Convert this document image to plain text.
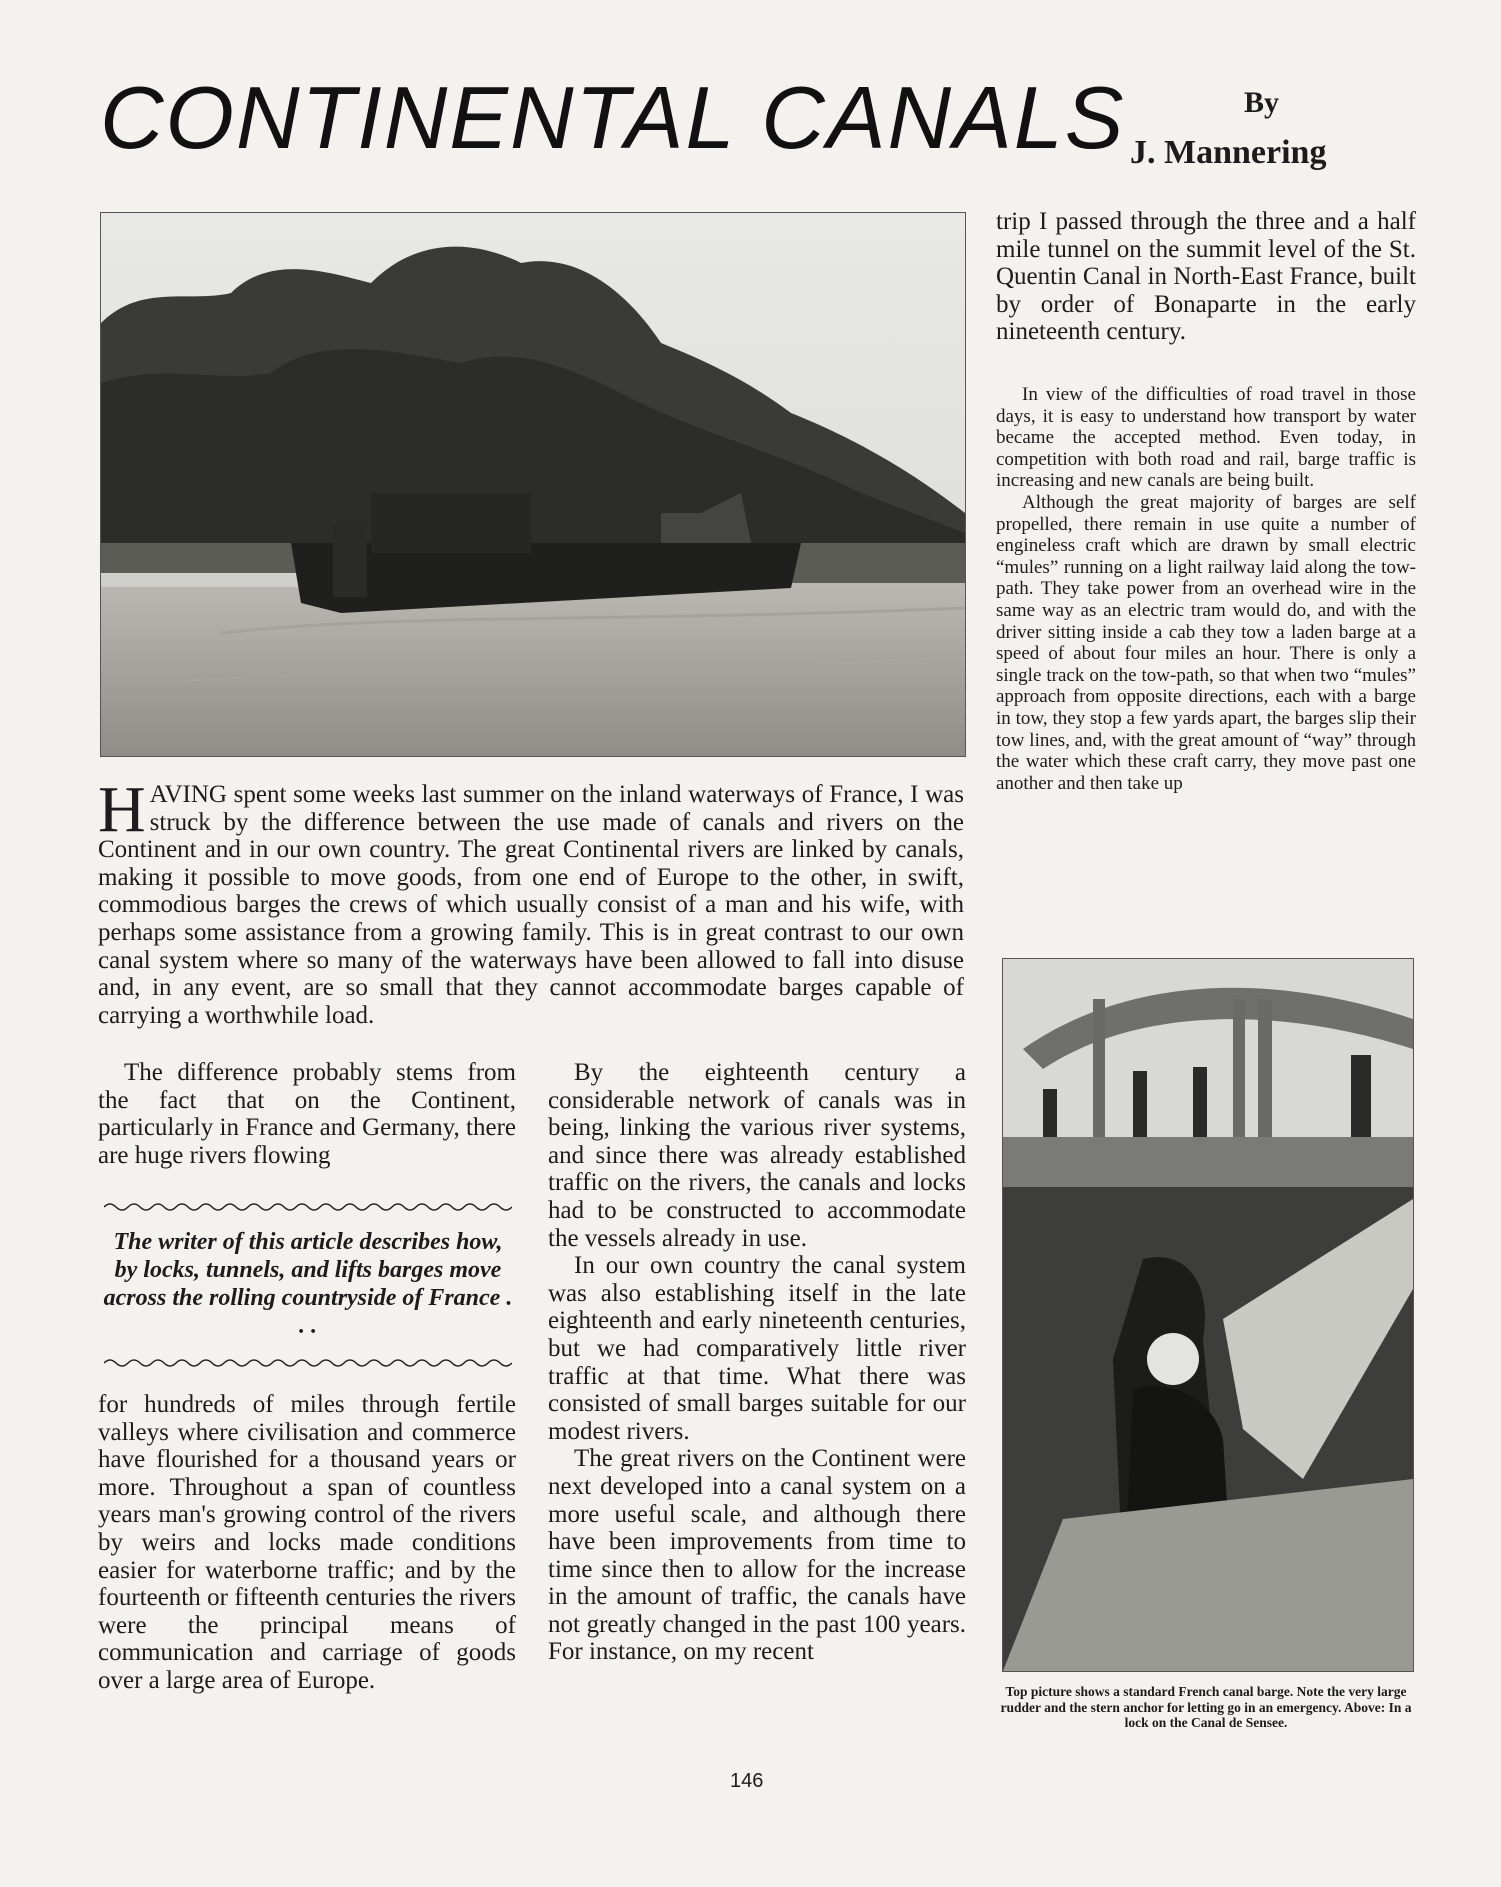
CONTINENTAL CANALS	By
J. Mannering
HAVING spent some weeks last summer on the inland waterways of France, I was struck by the difference between the use made of canals and rivers on the Continent and in our own country. The great Continental rivers are linked by canals, making it possible to move goods, from one end of Europe to the other, in swift, commodious barges the crews of which usually consist of a man and his wife, with perhaps some assistance from a growing family. This is in great contrast to our own canal system where so many of the waterways have been allowed to fall into disuse and, in any event, are so small that they cannot accommodate barges capable of carrying a worthwhile load.

The difference probably stems from the fact that on the Continent, particularly in France and Germany, there are huge rivers flowing

The writer of this article describes how, by locks, tunnels, and lifts barges move across the rolling countryside of France . . .

for hundreds of miles through fertile valleys where civilisation and commerce have flourished for a thousand years or more. Throughout a span of countless years man's growing control of the rivers by weirs and locks made conditions easier for waterborne traffic; and by the fourteenth or fifteenth centuries the rivers were the principal means of communication and carriage of goods over a large area of Europe.

By the eighteenth century a considerable network of canals was in being, linking the various river systems, and since there was already established traffic on the rivers, the canals and locks had to be constructed to accommodate the vessels already in use.

In our own country the canal system was also establishing itself in the late eighteenth and early nineteenth centuries, but we had comparatively little river traffic at that time. What there was consisted of small barges suitable for our modest rivers.

The great rivers on the Continent were next developed into a canal system on a more useful scale, and although there have been improvements from time to time since then to allow for the increase in the amount of traffic, the canals have not greatly changed in the past 100 years. For instance, on my recent

trip I passed through the three and a half mile tunnel on the summit level of the St. Quentin Canal in North-East France, built by order of Bonaparte in the early nineteenth century.

In view of the difficulties of road travel in those days, it is easy to understand how transport by water became the accepted method. Even today, in competition with both road and rail, barge traffic is increasing and new canals are being built.

Although the great majority of barges are self propelled, there remain in use quite a number of engineless craft which are drawn by small electric “mules” running on a light railway laid along the tow-path. They take power from an overhead wire in the same way as an electric tram would do, and with the driver sitting inside a cab they tow a laden barge at a speed of about four miles an hour. There is only a single track on the tow-path, so that when two “mules” approach from opposite directions, each with a barge in tow, they stop a few yards apart, the barges slip their tow lines, and, with the great amount of “way” through the water which these craft carry, they move past one another and then take up

Top picture shows a standard French canal barge. Note the very large rudder and the stern anchor for letting go in an emergency. Above: In a lock on the Canal de Sensee.
146
